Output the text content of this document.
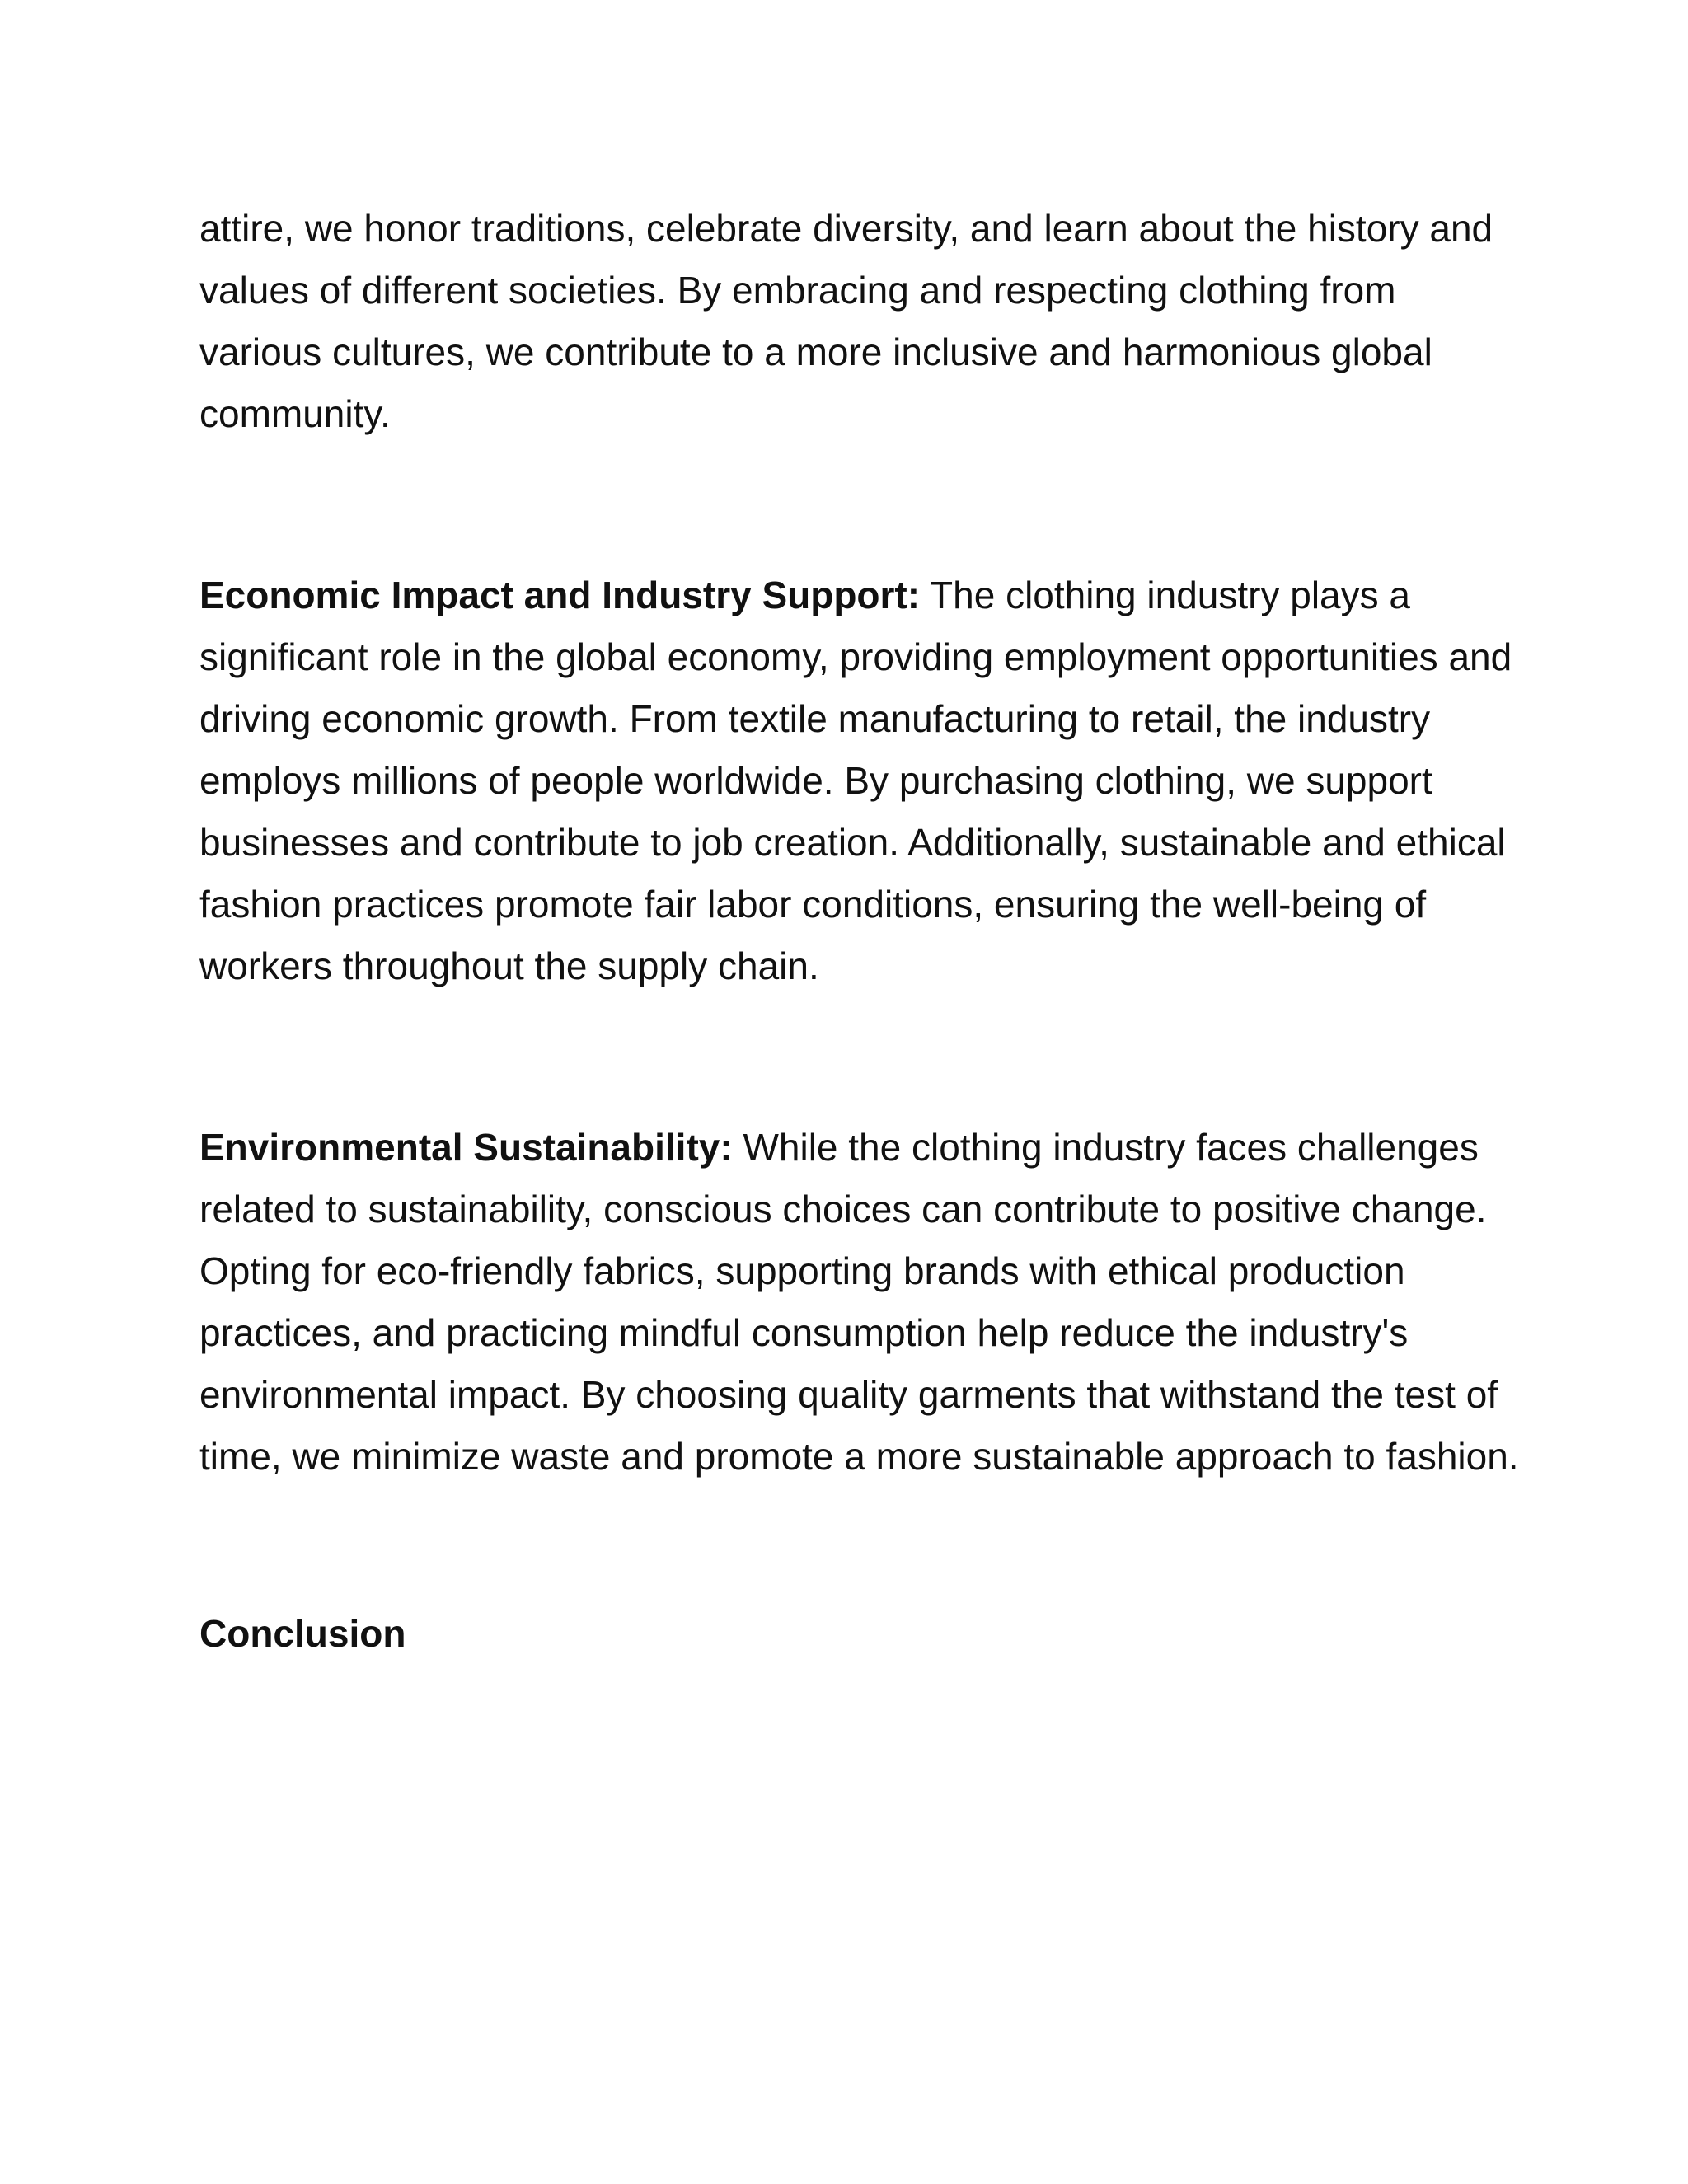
attire, we honor traditions, celebrate diversity, and learn about the history and values of different societies. By embracing and respecting clothing from various cultures, we contribute to a more inclusive and harmonious global community.

Economic Impact and Industry Support: The clothing industry plays a significant role in the global economy, providing employment opportunities and driving economic growth. From textile manufacturing to retail, the industry employs millions of people worldwide. By purchasing clothing, we support businesses and contribute to job creation. Additionally, sustainable and ethical fashion practices promote fair labor conditions, ensuring the well-being of workers throughout the supply chain.

Environmental Sustainability: While the clothing industry faces challenges related to sustainability, conscious choices can contribute to positive change. Opting for eco-friendly fabrics, supporting brands with ethical production practices, and practicing mindful consumption help reduce the industry's environmental impact. By choosing quality garments that withstand the test of time, we minimize waste and promote a more sustainable approach to fashion.

Conclusion
